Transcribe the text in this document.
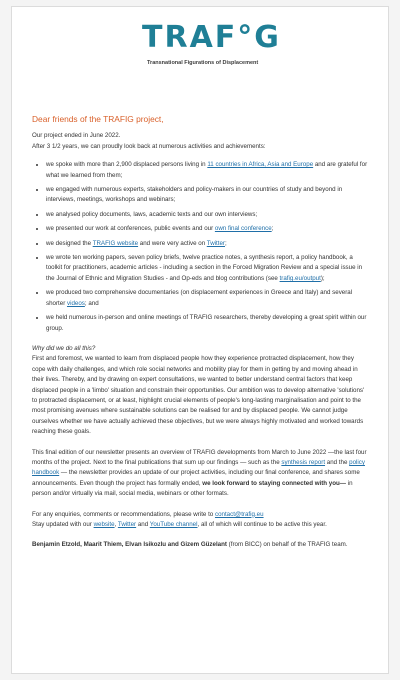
TRAF°G
Transnational Figurations of Displacement

Dear friends of the TRAFIG project,

Our project ended in June 2022.

After 3 1/2 years, we can proudly look back at numerous activities and achievements:

• we spoke with more than 2,900 displaced persons living in 11 countries in Africa, Asia and Europe and are grateful for what we learned from them;
• we engaged with numerous experts, stakeholders and policy-makers in our countries of study and beyond in interviews, meetings, workshops and webinars;
• we analysed policy documents, laws, academic texts and our own interviews;
• we presented our work at conferences, public events and our own final conference;
• we designed the TRAFIG website and were very active on Twitter;
• we wrote ten working papers, seven policy briefs, twelve practice notes, a synthesis report, a policy handbook, a toolkit for practitioners, academic articles - including a section in the Forced Migration Review and a special issue in the Journal of Ethnic and Migration Studies - and Op-eds and blog contributions (see trafig.eu/output);
• we produced two comprehensive documentaries (on displacement experiences in Greece and Italy) and several shorter videos; and
• we held numerous in-person and online meetings of TRAFIG researchers, thereby developing a great spirit within our group.

Why did we do all this?

First and foremost, we wanted to learn from displaced people how they experience protracted displacement, how they cope with daily challenges, and which role social networks and mobility play for them in getting by and moving ahead in their lives. Thereby, and by drawing on expert consultations, we wanted to better understand central factors that keep displaced people in a 'limbo' situation and constrain their opportunities. Our ambition was to develop alternative 'solutions' to protracted displacement, or at least, highlight crucial elements of people's long-lasting marginalisation and point to the most promising avenues where sustainable solutions can be realised for and by displaced people. We cannot judge ourselves whether we have actually achieved these objectives, but we were always highly motivated and worked towards reaching these goals.

This final edition of our newsletter presents an overview of TRAFIG developments from March to June 2022 —the last four months of the project. Next to the final publications that sum up our findings — such as the synthesis report and the policy handbook — the newsletter provides an update of our project activities, including our final conference, and shares some announcements. Even though the project has formally ended, we look forward to staying connected with you— in person and/or virtually via mail, social media, webinars or other formats.

For any enquiries, comments or recommendations, please write to contact@trafig.eu

Stay updated with our website, Twitter and YouTube channel, all of which will continue to be active this year.

Benjamin Etzold, Maarit Thiem, Elvan Isikozlu and Gizem Güzelant (from BICC) on behalf of the TRAFIG team.
